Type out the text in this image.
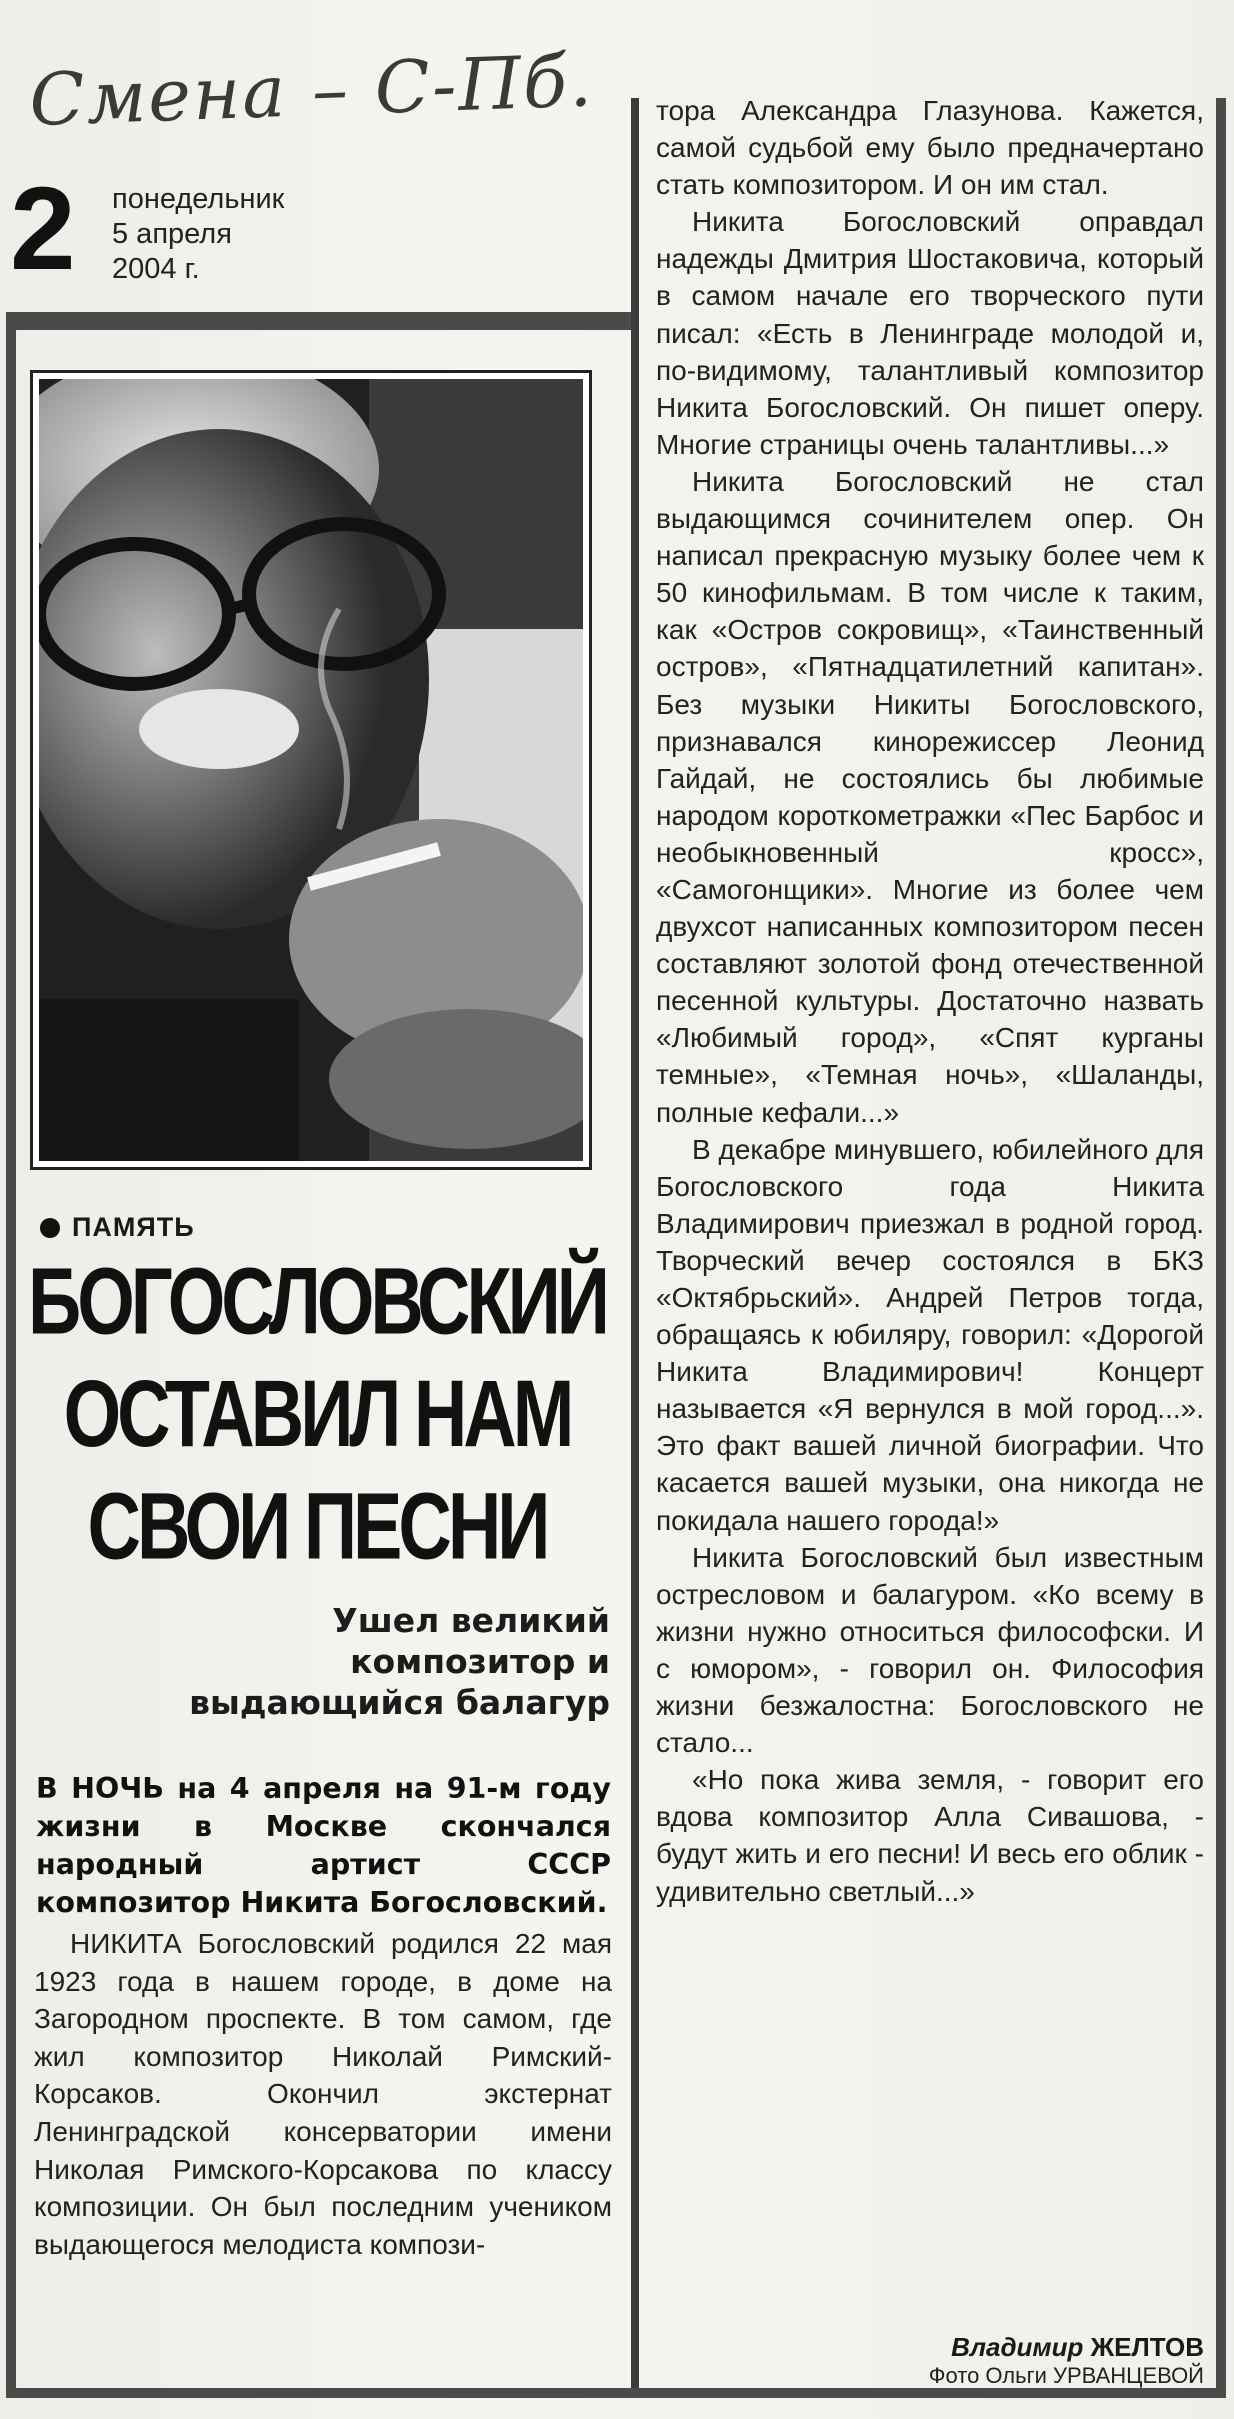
Смена – С-Пб.
2 понедельник
5 апреля
2004 г.
ПАМЯТЬ
БОГОСЛОВСКИЙ
ОСТАВИЛ НАМ
СВОИ ПЕСНИ
Ушел великий
композитор и
выдающийся балагур
В НОЧЬ на 4 апреля на 91-м году жизни в Москве скончался народный артист СССР композитор Никита Богословский.

НИКИТА Богословский родился 22 мая 1923 года в нашем городе, в доме на Загородном проспекте. В том самом, где жил композитор Николай Римский-Корсаков. Окончил экстернат Ленинградской консерватории имени Николая Римского-Корсакова по классу композиции. Он был последним учеником выдающегося мелодиста компози-

тора Александра Глазунова. Кажется, самой судьбой ему было предначертано стать композитором. И он им стал.

Никита Богословский оправдал надежды Дмитрия Шостаковича, который в самом начале его творческого пути писал: «Есть в Ленинграде молодой и, по-видимому, талантливый композитор Никита Богословский. Он пишет оперу. Многие страницы очень талантливы...»

Никита Богословский не стал выдающимся сочинителем опер. Он написал прекрасную музыку более чем к 50 кинофильмам. В том числе к таким, как «Остров сокровищ», «Таинственный остров», «Пятнадцатилетний капитан». Без музыки Никиты Богословского, признавался кинорежиссер Леонид Гайдай, не состоялись бы любимые народом короткометражки «Пес Барбос и необыкновенный кросс», «Самогонщики». Многие из более чем двухсот написанных композитором песен составляют золотой фонд отечественной песенной культуры. Достаточно назвать «Любимый город», «Спят курганы темные», «Темная ночь», «Шаланды, полные кефали...»

В декабре минувшего, юбилейного для Богословского года Никита Владимирович приезжал в родной город. Творческий вечер состоялся в БКЗ «Октябрьский». Андрей Петров тогда, обращаясь к юбиляру, говорил: «Дорогой Никита Владимирович! Концерт называется «Я вернулся в мой город...». Это факт вашей личной биографии. Что касается вашей музыки, она никогда не покидала нашего города!»

Никита Богословский был известным остресловом и балагуром. «Ко всему в жизни нужно относиться философски. И с юмором», - говорил он. Философия жизни безжалостна: Богословского не стало...

«Но пока жива земля, - говорит его вдова композитор Алла Сивашова, - будут жить и его песни! И весь его облик - удивительно светлый...»

Владимир ЖЕЛТОВ
Фото Ольги УРВАНЦЕВОЙ
